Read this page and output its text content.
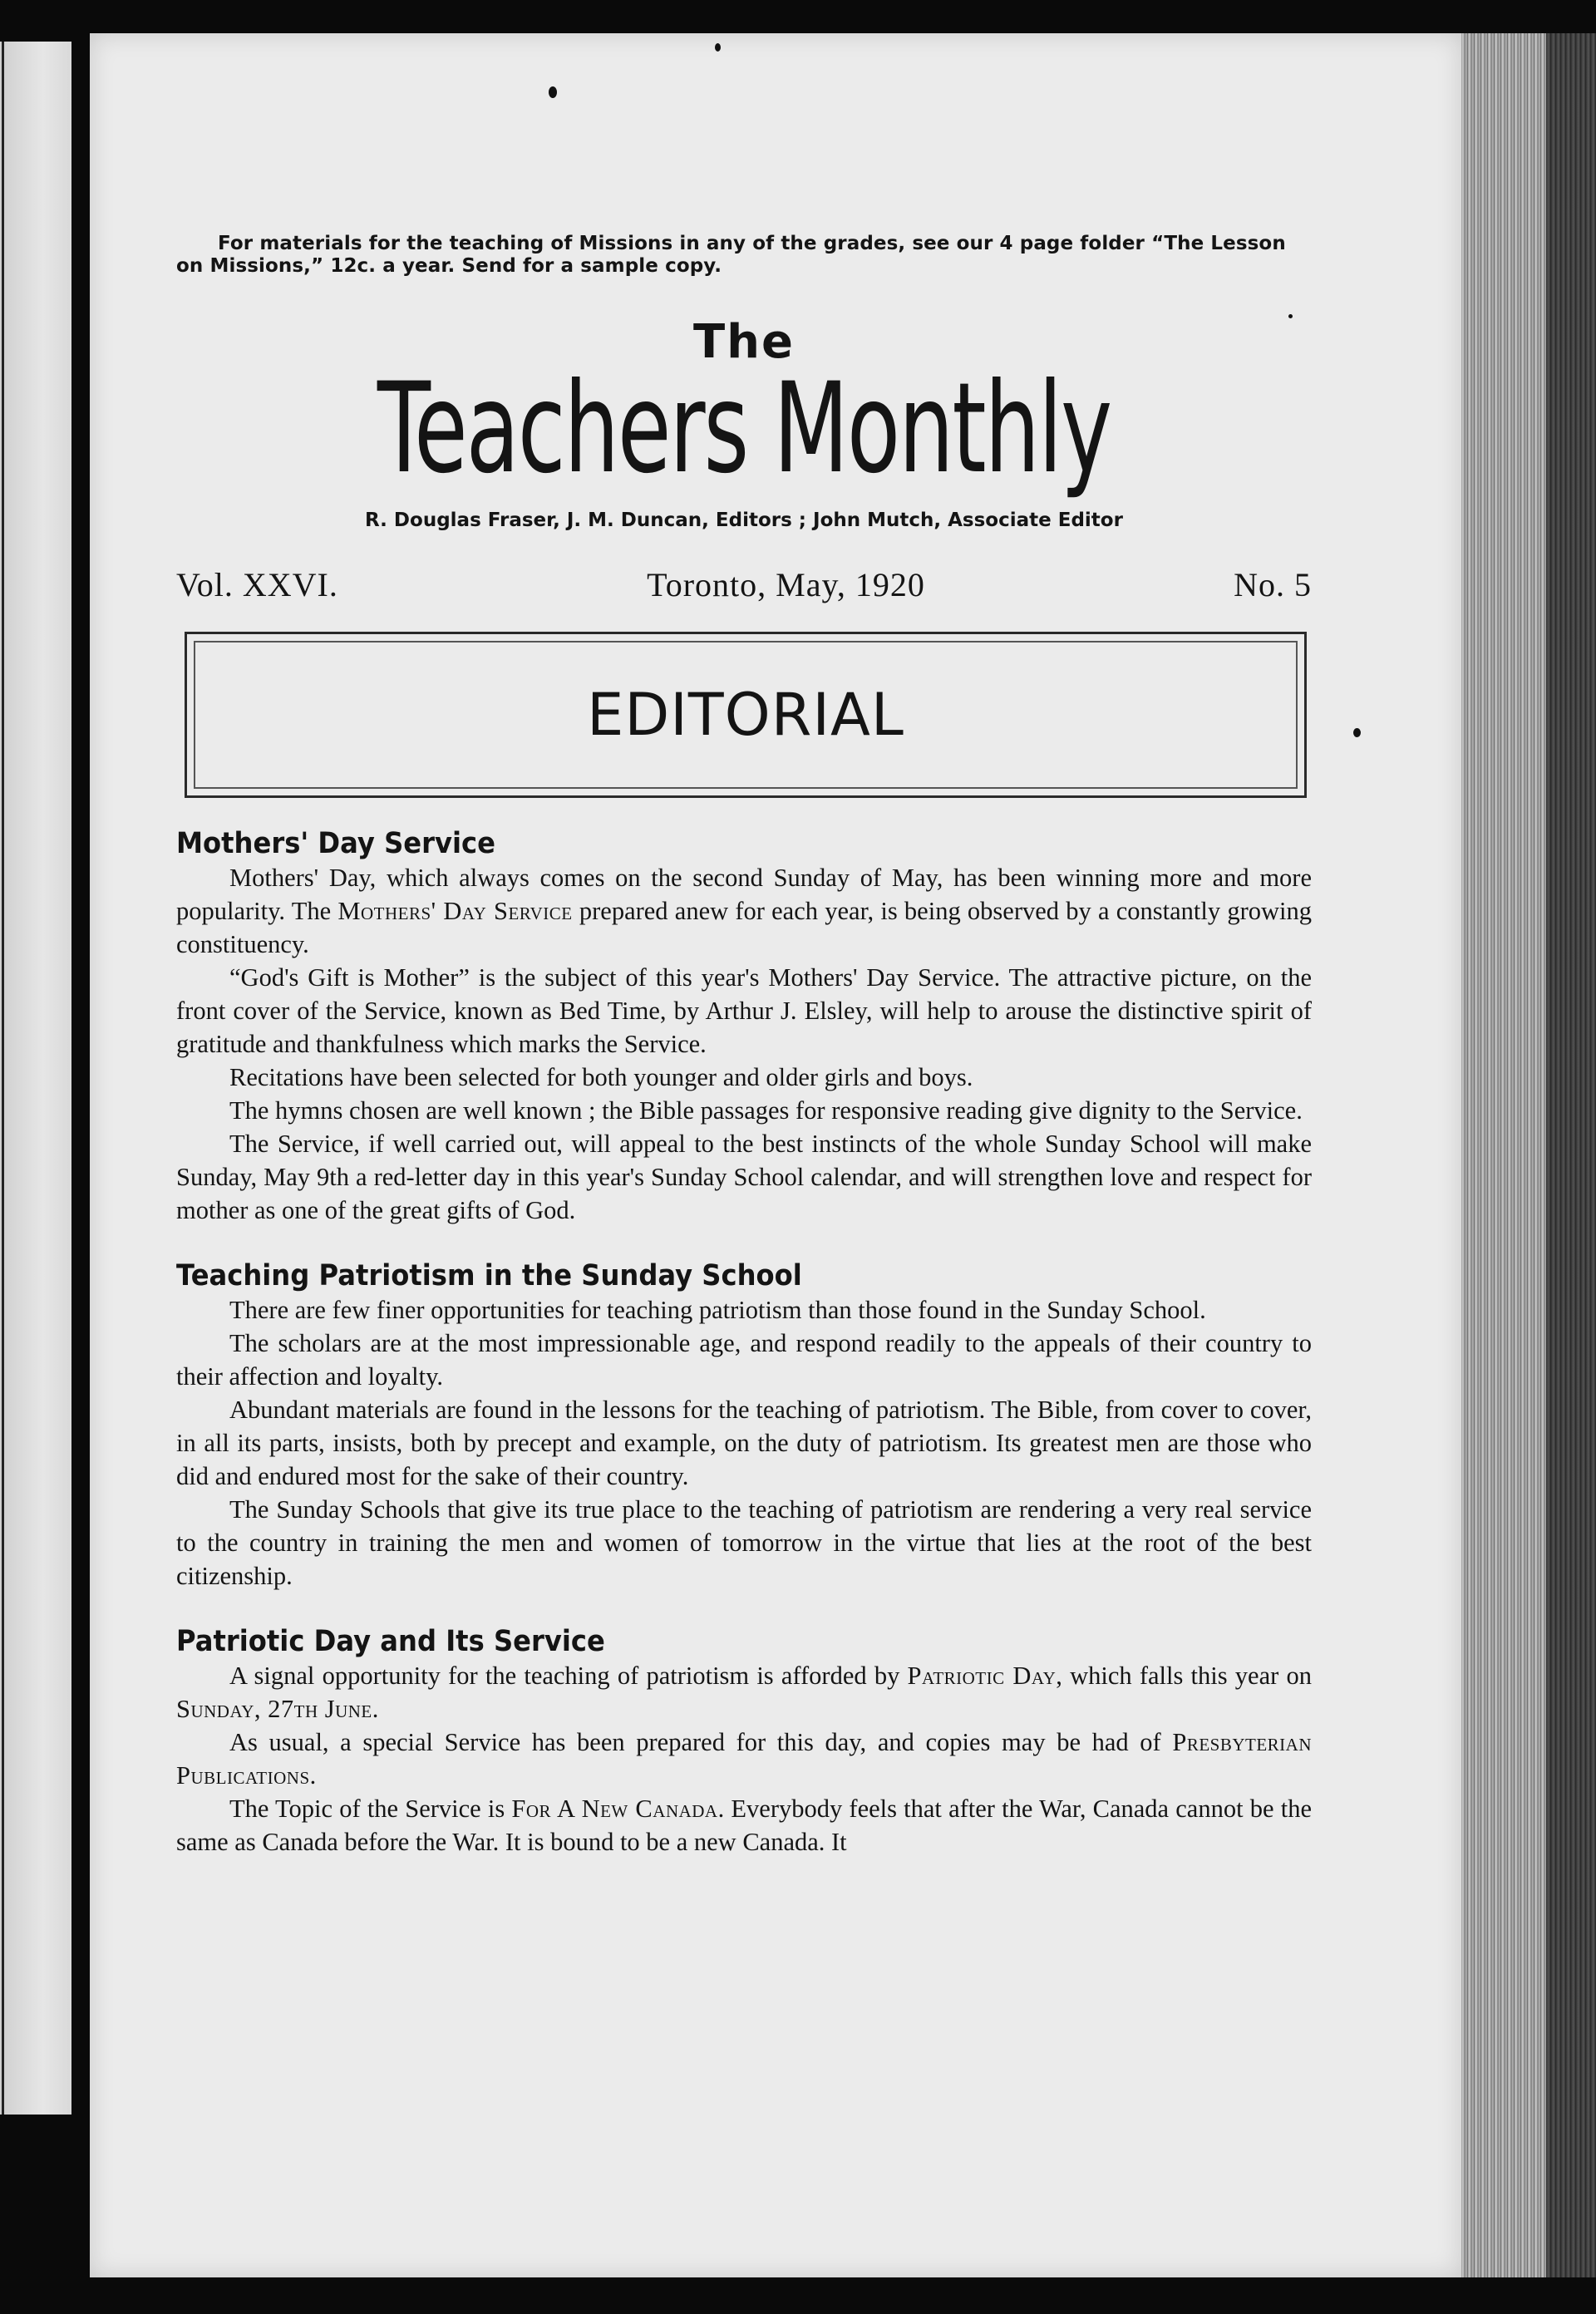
For materials for the teaching of Missions in any of the grades, see our 4 page folder “The Lesson
on Missions,” 12c. a year. Send for a sample copy.
The
Teachers Monthly
R. Douglas Fraser, J. M. Duncan, Editors ; John Mutch, Associate Editor
Vol. XXVI.	Toronto, May, 1920	No. 5
EDITORIAL
Mothers' Day Service

Mothers' Day, which always comes on the second Sunday of May, has been winning more and more popularity. The Mothers' Day Service prepared anew for each year, is being observed by a constantly growing constituency.

“God's Gift is Mother” is the subject of this year's Mothers' Day Service. The attractive picture, on the front cover of the Service, known as Bed Time, by Arthur J. Elsley, will help to arouse the distinctive spirit of gratitude and thankfulness which marks the Service.

Recitations have been selected for both younger and older girls and boys.

The hymns chosen are well known ; the Bible passages for responsive reading give dignity to the Service.

The Service, if well carried out, will appeal to the best instincts of the whole Sunday School will make Sunday, May 9th a red-letter day in this year's Sunday School calendar, and will strengthen love and respect for mother as one of the great gifts of God.

Teaching Patriotism in the Sunday School

There are few finer opportunities for teaching patriotism than those found in the Sunday School.

The scholars are at the most impressionable age, and respond readily to the appeals of their country to their affection and loyalty.

Abundant materials are found in the lessons for the teaching of patriotism. The Bible, from cover to cover, in all its parts, insists, both by precept and example, on the duty of patriotism. Its greatest men are those who did and endured most for the sake of their country.

The Sunday Schools that give its true place to the teaching of patriotism are rendering a very real service to the country in training the men and women of tomorrow in the virtue that lies at the root of the best citizenship.

Patriotic Day and Its Service

A signal opportunity for the teaching of patriotism is afforded by Patriotic Day, which falls this year on Sunday, 27th June.

As usual, a special Service has been prepared for this day, and copies may be had of Presbyterian Publications.

The Topic of the Service is For A New Canada. Everybody feels that after the War, Canada cannot be the same as Canada before the War. It is bound to be a new Canada. It
